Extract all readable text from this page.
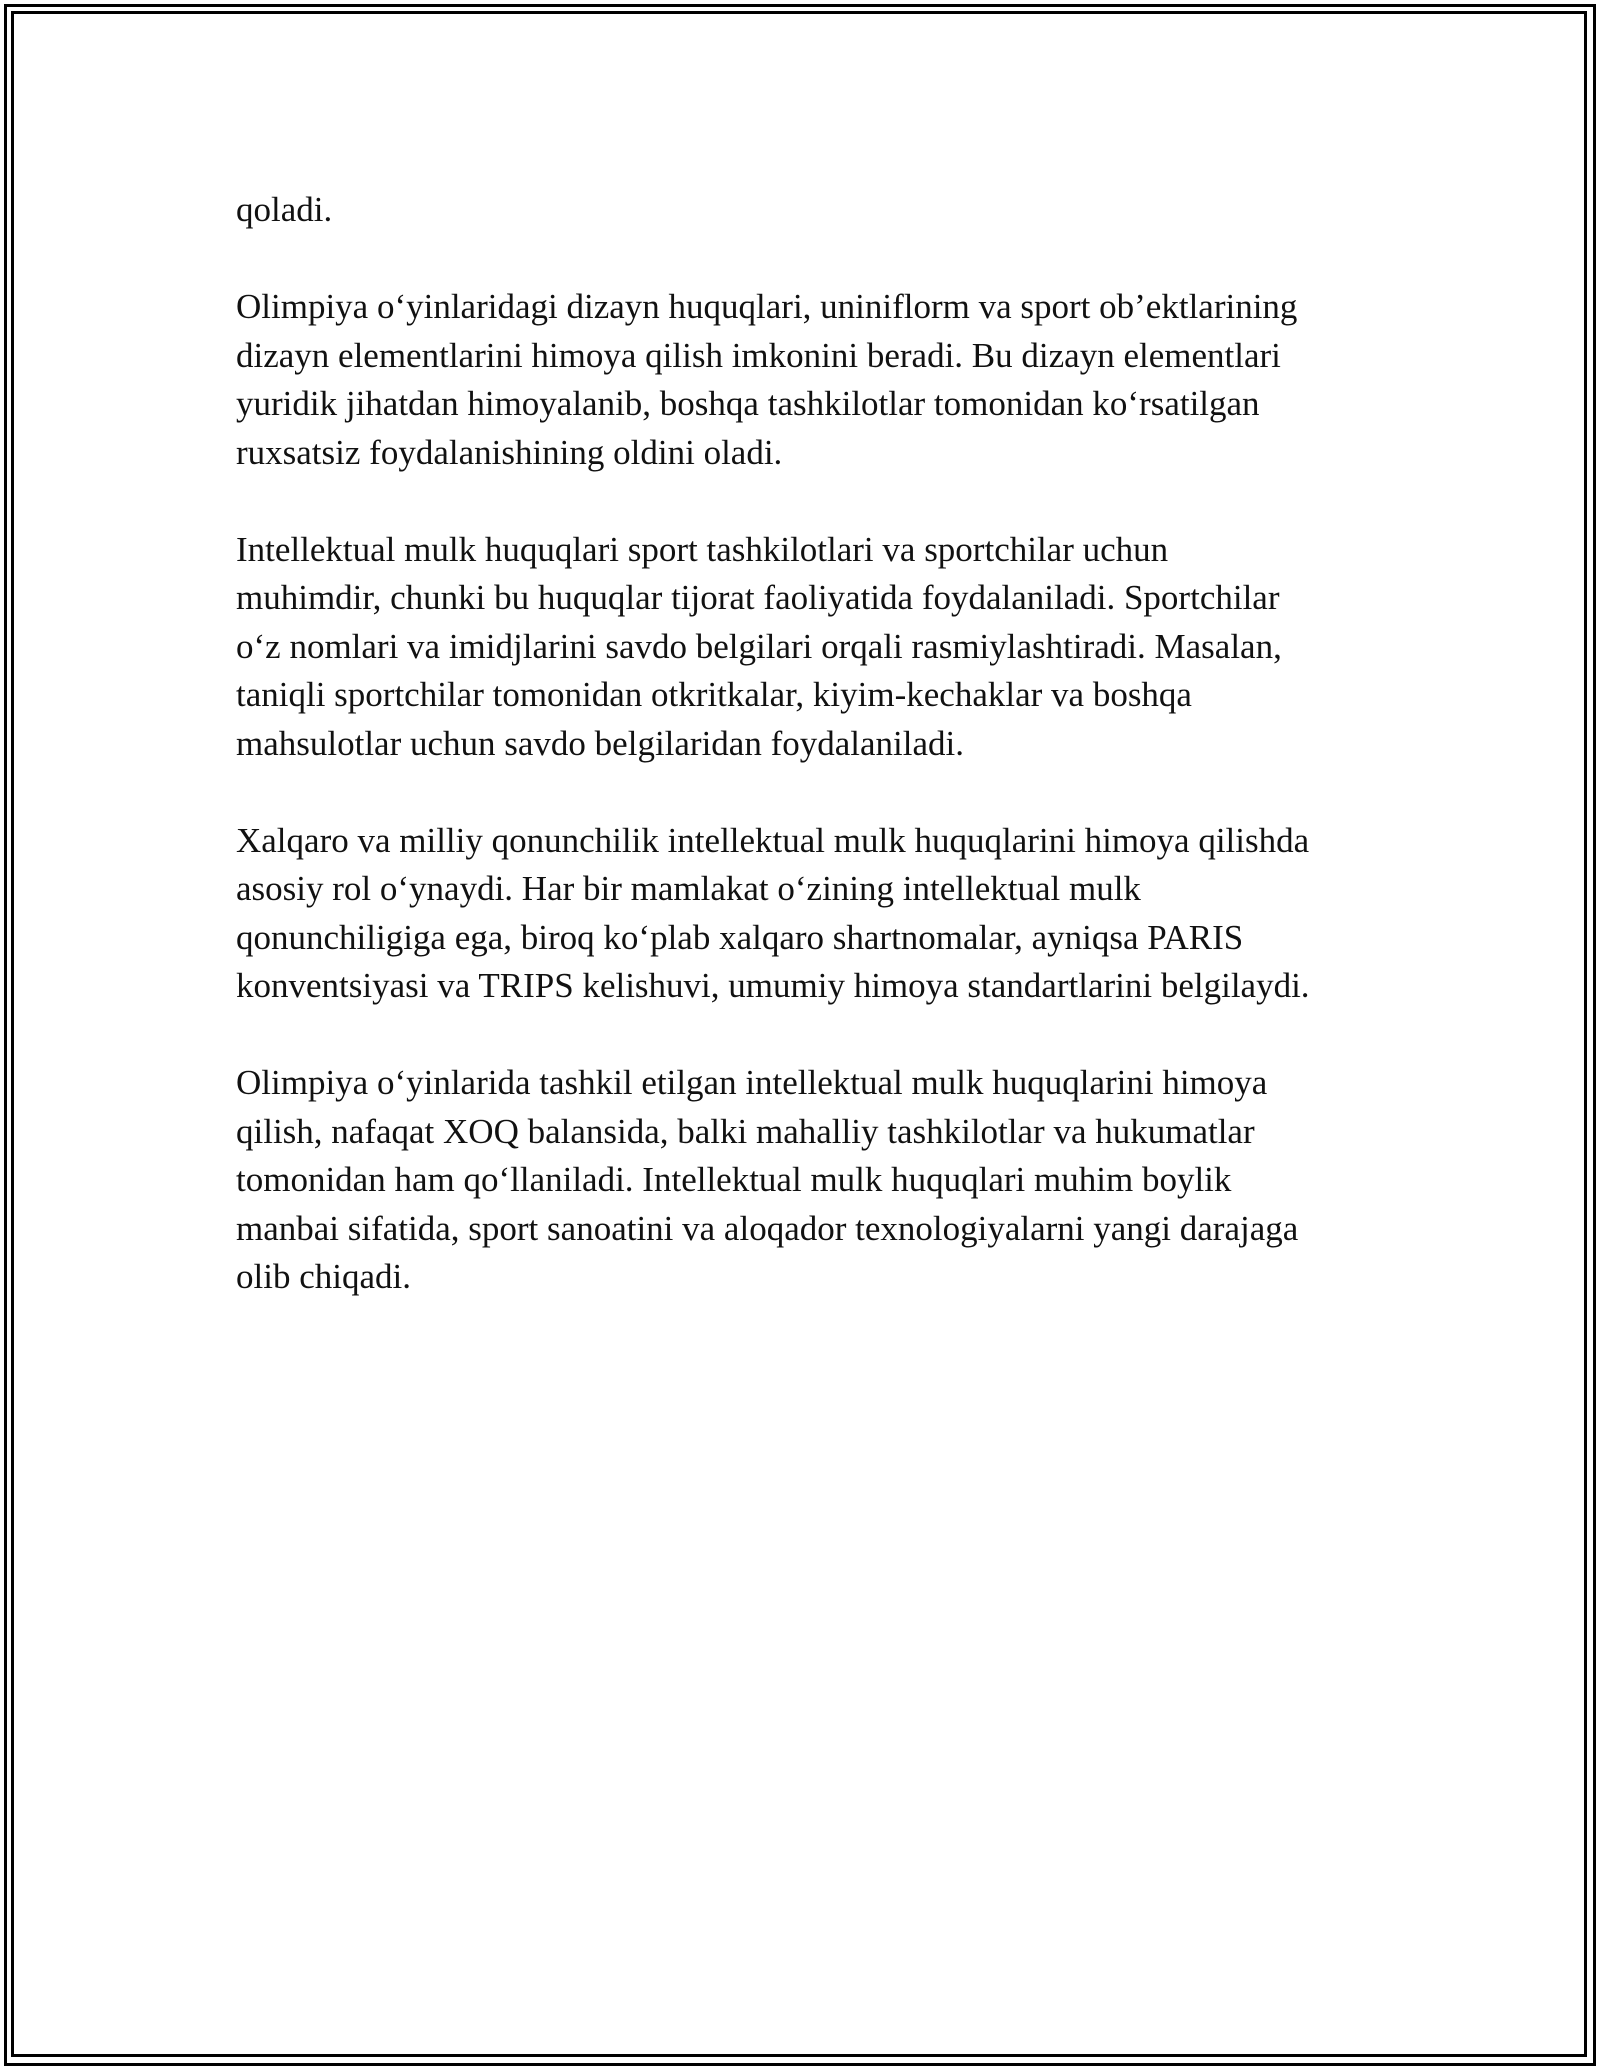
qoladi.

Olimpiya o‘yinlaridagi dizayn huquqlari, uniniflorm va sport ob’ektlarining
dizayn elementlarini himoya qilish imkonini beradi. Bu dizayn elementlari
yuridik jihatdan himoyalanib, boshqa tashkilotlar tomonidan ko‘rsatilgan
ruxsatsiz foydalanishining oldini oladi.

Intellektual mulk huquqlari sport tashkilotlari va sportchilar uchun
muhimdir, chunki bu huquqlar tijorat faoliyatida foydalaniladi. Sportchilar
o‘z nomlari va imidjlarini savdo belgilari orqali rasmiylashtiradi. Masalan,
taniqli sportchilar tomonidan otkritkalar, kiyim-kechaklar va boshqa
mahsulotlar uchun savdo belgilaridan foydalaniladi.

Xalqaro va milliy qonunchilik intellektual mulk huquqlarini himoya qilishda
asosiy rol o‘ynaydi. Har bir mamlakat o‘zining intellektual mulk
qonunchiligiga ega, biroq ko‘plab xalqaro shartnomalar, ayniqsa PARIS
konventsiyasi va TRIPS kelishuvi, umumiy himoya standartlarini belgilaydi.

Olimpiya o‘yinlarida tashkil etilgan intellektual mulk huquqlarini himoya
qilish, nafaqat XOQ balansida, balki mahalliy tashkilotlar va hukumatlar
tomonidan ham qo‘llaniladi. Intellektual mulk huquqlari muhim boylik
manbai sifatida, sport sanoatini va aloqador texnologiyalarni yangi darajaga
olib chiqadi.
